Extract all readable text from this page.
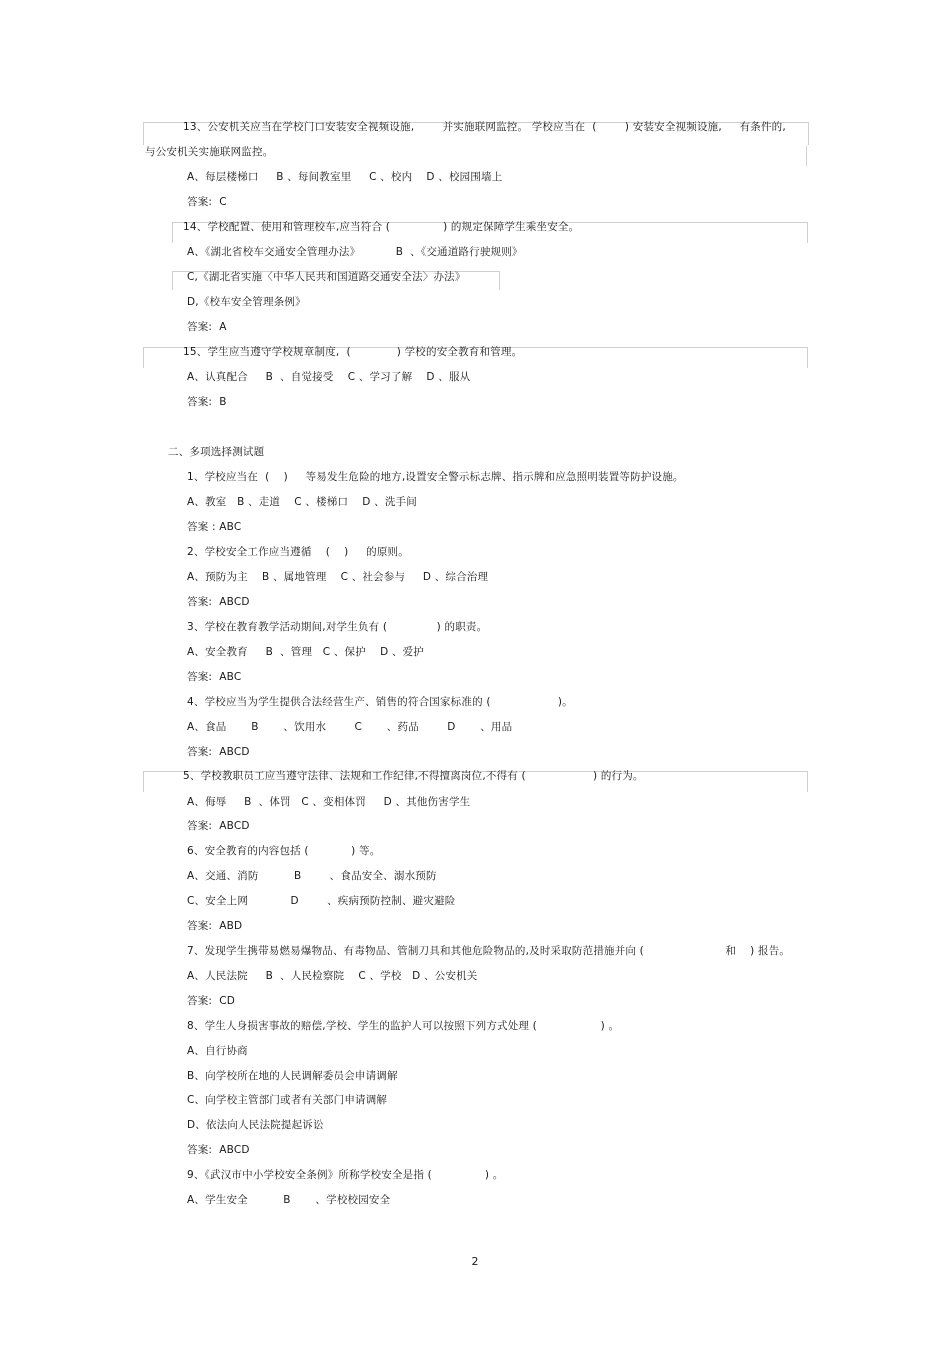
13、公安机关应当在学校门口安装安全视频设施,        并实施联网监控。 学校应当在  (        ) 安装安全视频设施,     有条件的,
与公安机关实施联网监控。
A、每层楼梯口     B 、每间教室里     C 、校内    D 、校园围墙上
答案:  C
14、学校配置、使用和管理校车,应当符合 (               ) 的规定保障学生乘坐安全。
A、《湖北省校车交通安全管理办法》          B  、《交通道路行驶规则》
C,《湖北省实施〈中华人民共和国道路交通安全法〉办法》
D,《校车安全管理条例》
答案:  A
15、学生应当遵守学校规章制度,  (             ) 学校的安全教育和管理。
A、认真配合     B  、自觉接受    C 、学习了解    D 、服从
答案:  B
二、多项选择测试题
1、学校应当在  (    )     等易发生危险的地方,设置安全警示标志牌、指示牌和应急照明装置等防护设施。
A、教室   B 、走道    C 、楼梯口    D 、洗手间
答案 : ABC
2、学校安全工作应当遵循    (    )     的原则。
A、预防为主    B 、属地管理    C 、社会参与     D 、综合治理
答案:  ABCD
3、学校在教育教学活动期间,对学生负有 (              ) 的职责。
A、安全教育     B  、管理   C 、保护    D 、爱护
答案:  ABC
4、学校应当为学生提供合法经营生产、销售的符合国家标准的 (                   )。
A、食品       B       、饮用水        C       、药品        D       、用品
答案:  ABCD
5、学校教职员工应当遵守法律、法规和工作纪律,不得擅离岗位,不得有 (                   ) 的行为。
A、侮辱     B  、体罚   C 、变相体罚     D 、其他伤害学生
答案:  ABCD
6、安全教育的内容包括 (            ) 等。
A、交通、消防          B        、食品安全、溺水预防
C、安全上网            D        、疾病预防控制、避灾避险
答案:  ABD
7、发现学生携带易燃易爆物品、有毒物品、管制刀具和其他危险物品的,及时采取防范措施并向 (                       和    ) 报告。
A、人民法院     B  、人民检察院    C 、学校   D 、公安机关
答案:  CD
8、学生人身损害事故的赔偿,学校、学生的监护人可以按照下列方式处理 (                  ) 。
A、自行协商
B、向学校所在地的人民调解委员会申请调解
C、向学校主管部门或者有关部门申请调解
D、依法向人民法院提起诉讼
答案:  ABCD
9、《武汉市中小学校安全条例》所称学校安全是指 (               ) 。
A、学生安全          B       、学校校园安全
2
